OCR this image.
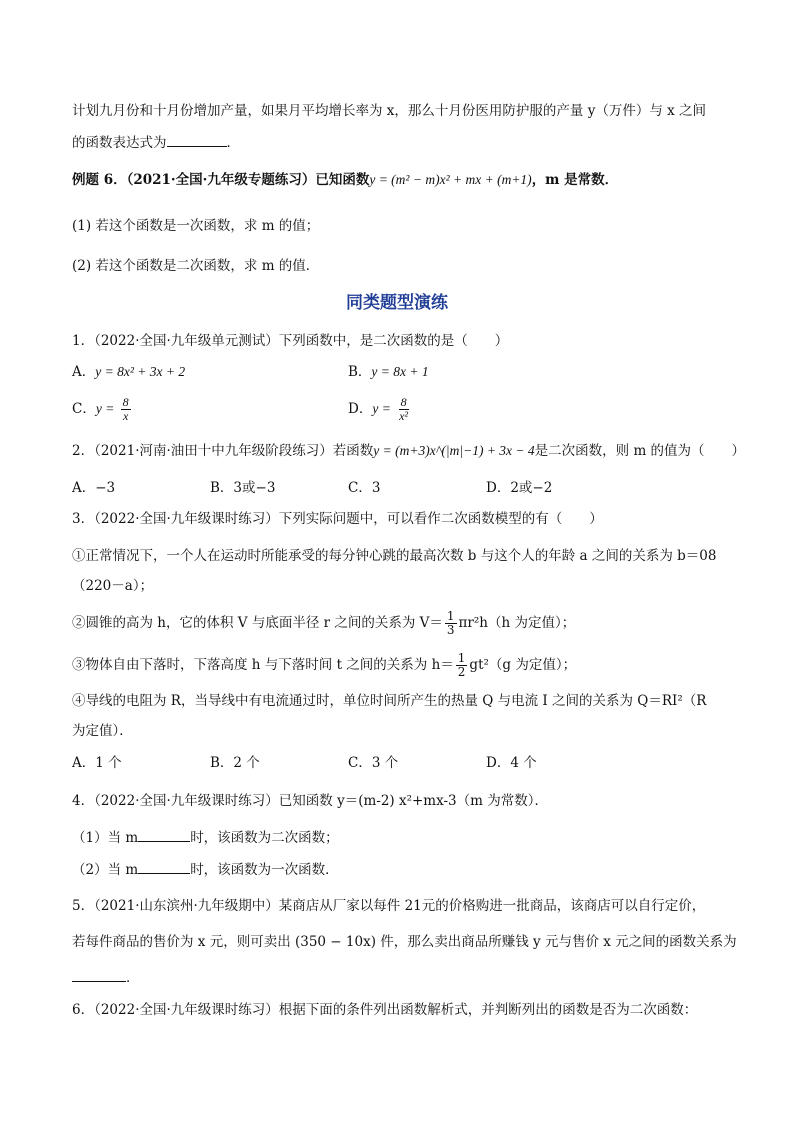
计划九月份和十月份增加产量，如果月平均增长率为 x，那么十月份医用防护服的产量 y（万件）与 x 之间
的函数表达式为	．
例题 6．（2021·全国·九年级专题练习）已知函数y = (m² − m)x² + mx + (m+1)，m 是常数．
(1) 若这个函数是一次函数，求 m 的值；
(2) 若这个函数是二次函数，求 m 的值．
同类题型演练
1．（2022·全国·九年级单元测试）下列函数中，是二次函数的是（　　）
A．y = 8x² + 3x + 2	B．y = 8x + 1
C．$y = \frac{8}{x}$	D．$y = \frac{8}{\text{x²}}$
2．（2021·河南·油田十中九年级阶段练习）若函数y = (m+3)x^(|m|−1) + 3x − 4是二次函数，则 m 的值为（　　）
A．−3	B．3或−3	C．3	D．2或−2
3．（2022·全国·九年级课时练习）下列实际问题中，可以看作二次函数模型的有（　　）
①正常情况下，一个人在运动时所能承受的每分钟心跳的最高次数 b 与这个人的年龄 a 之间的关系为 b＝08
（220－a）；
②圆锥的高为 h，它的体积 V 与底面半径 r 之间的关系为 $V= \frac{1}{3} \pi r^2h(h$ 为定值）；
③物体自由下落时，下落高度 h 与下落时间 t 之间的关系为 $h= \frac{1}{2} gt^2(g$ 为定值）；
④导线的电阻为 R，当导线中有电流通过时，单位时间所产生的热量 Q 与电流 I 之间的关系为 Q＝RI²（R
为定值）．
A．1 个	B．2 个	C．3 个	D．4 个
4．（2022·全国·九年级课时练习）已知函数 y＝(m-2) x²+mx-3（m 为常数）．
（1）当 m	时，该函数为二次函数；
（2）当 m	时，该函数为一次函数．
5．（2021·山东滨州·九年级期中）某商店从厂家以每件 21元的价格购进一批商品，该商店可以自行定价，
若每件商品的售价为 x 元，则可卖出 (350 − 10x) 件，那么卖出商品所赚钱 y 元与售价 x 元之间的函数关系为
．
6．（2022·全国·九年级课时练习）根据下面的条件列出函数解析式，并判断列出的函数是否为二次函数：
